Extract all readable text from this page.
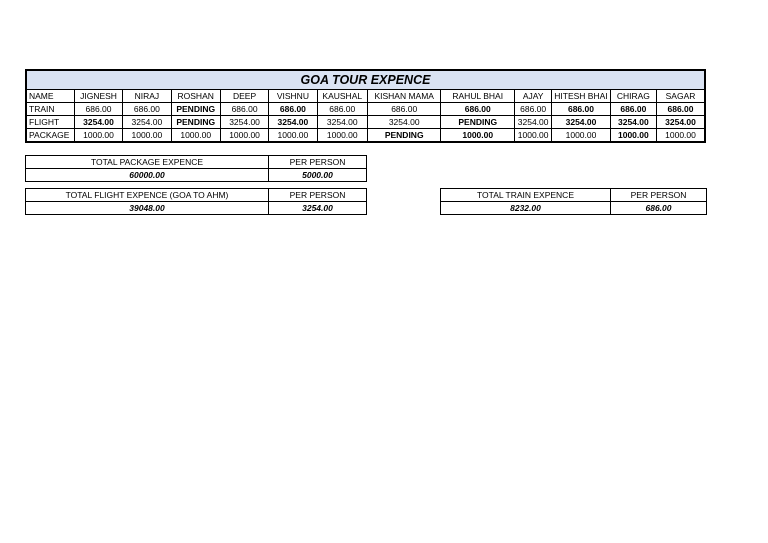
GOA TOUR EXPENCE												
NAME	JIGNESH	NIRAJ	ROSHAN	DEEP	VISHNU	KAUSHAL	KISHAN MAMA	RAHUL BHAI	AJAY	HITESH BHAI	CHIRAG	SAGAR
TRAIN	686.00	686.00	PENDING	686.00	686.00	686.00	686.00	686.00	686.00	686.00	686.00	686.00
FLIGHT	3254.00	3254.00	PENDING	3254.00	3254.00	3254.00	3254.00	PENDING	3254.00	3254.00	3254.00	3254.00
PACKAGE	1000.00	1000.00	1000.00	1000.00	1000.00	1000.00	PENDING	1000.00	1000.00	1000.00	1000.00	1000.00
TOTAL PACKAGE EXPENCE	PER PERSON
60000.00	5000.00
TOTAL FLIGHT EXPENCE (GOA TO AHM)	PER PERSON
39048.00	3254.00
TOTAL TRAIN EXPENCE	PER PERSON
8232.00	686.00
